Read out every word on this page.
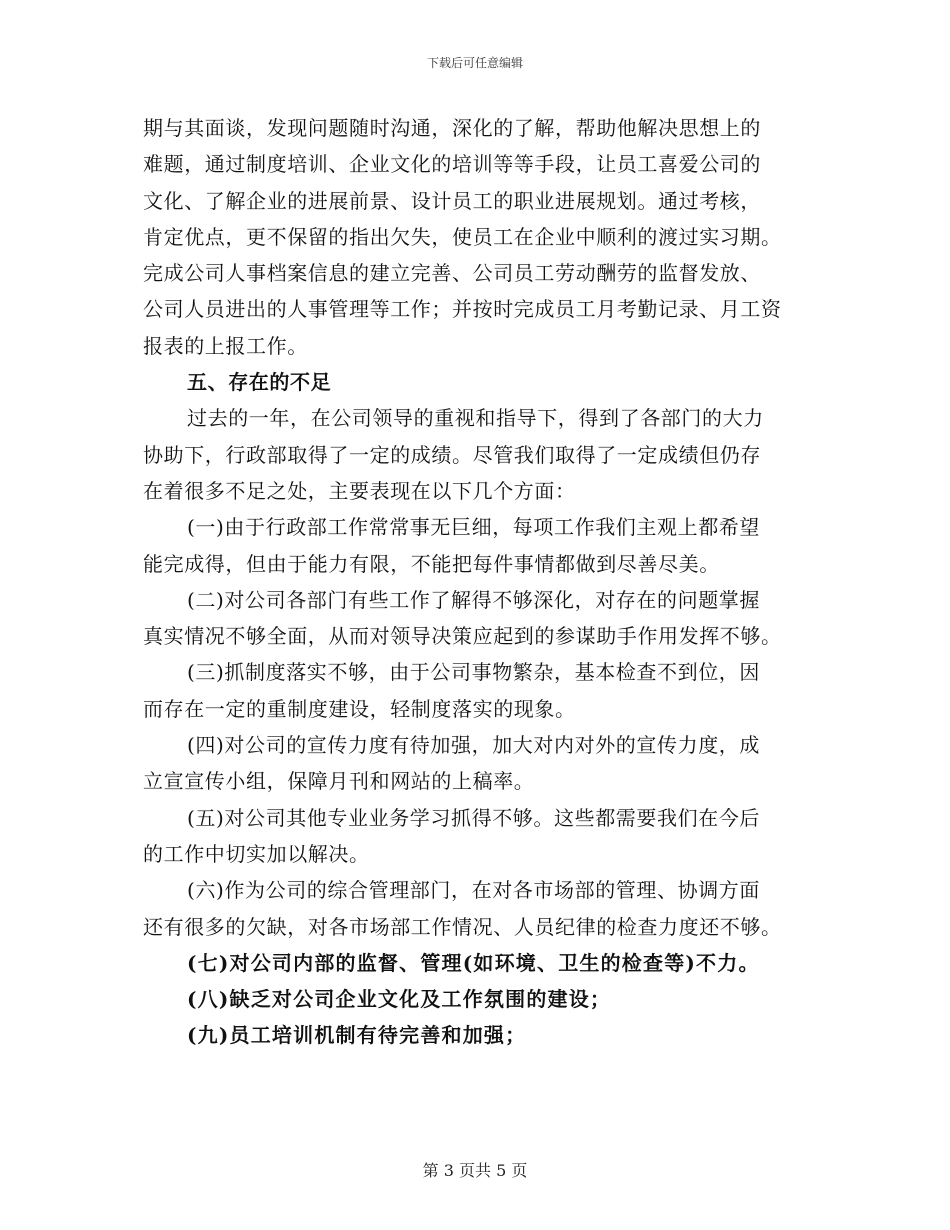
下载后可任意编辑
期与其面谈，发现问题随时沟通，深化的了解，帮助他解决思想上的
难题，通过制度培训、企业文化的培训等等手段，让员工喜爱公司的
文化、了解企业的进展前景、设计员工的职业进展规划。通过考核，
肯定优点，更不保留的指出欠失，使员工在企业中顺利的渡过实习期。
完成公司人事档案信息的建立完善、公司员工劳动酬劳的监督发放、
公司人员进出的人事管理等工作；并按时完成员工月考勤记录、月工资
报表的上报工作。
五、存在的不足
过去的一年，在公司领导的重视和指导下，得到了各部门的大力
协助下，行政部取得了一定的成绩。尽管我们取得了一定成绩但仍存
在着很多不足之处，主要表现在以下几个方面：
(一)由于行政部工作常常事无巨细，每项工作我们主观上都希望
能完成得，但由于能力有限，不能把每件事情都做到尽善尽美。
(二)对公司各部门有些工作了解得不够深化，对存在的问题掌握
真实情况不够全面，从而对领导决策应起到的参谋助手作用发挥不够。
(三)抓制度落实不够，由于公司事物繁杂，基本检查不到位，因
而存在一定的重制度建设，轻制度落实的现象。
(四)对公司的宣传力度有待加强，加大对内对外的宣传力度，成
立宣宣传小组，保障月刊和网站的上稿率。
(五)对公司其他专业业务学习抓得不够。这些都需要我们在今后
的工作中切实加以解决。
(六)作为公司的综合管理部门，在对各市场部的管理、协调方面
还有很多的欠缺，对各市场部工作情况、人员纪律的检查力度还不够。
(七)对公司内部的监督、管理(如环境、卫生的检查等)不力。
(八)缺乏对公司企业文化及工作氛围的建设；
(九)员工培训机制有待完善和加强；
第 3 页共 5 页
